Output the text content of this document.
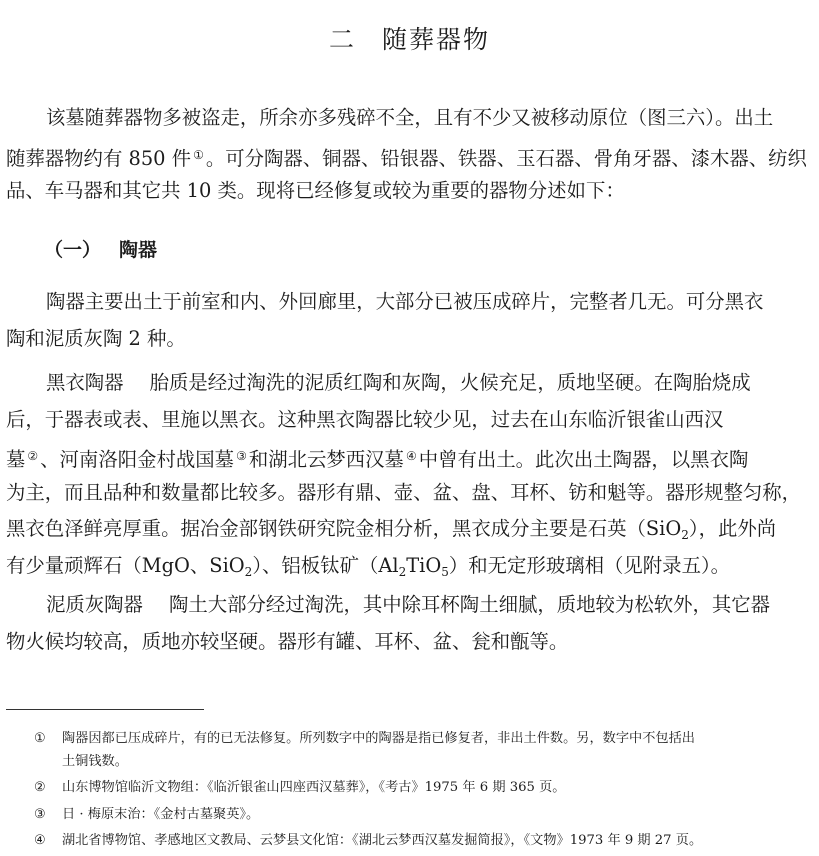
二 随葬器物
该墓随葬器物多被盗走，所余亦多残碎不全，且有不少又被移动原位（图三六）。出土
随葬器物约有 850 件 ① 。可分陶器、铜器、铅银器、铁器、玉石器、骨角牙器、漆木器、纺织
品、车马器和其它共 10 类。现将已经修复或较为重要的器物分述如下：
（一） 陶器
陶器主要出土于前室和内、外回廊里，大部分已被压成碎片，完整者几无。可分黑衣
陶和泥质灰陶 2 种。
黑衣陶器 胎质是经过淘洗的泥质红陶和灰陶，火候充足，质地坚硬。在陶胎烧成
后，于器表或表、里施以黑衣。这种黑衣陶器比较少见，过去在山东临沂银雀山西汉
墓 ② 、河南洛阳金村战国墓 ③ 和湖北云梦西汉墓 ④ 中曾有出土。此次出土陶器，以黑衣陶
为主，而且品种和数量都比较多。器形有鼎、壶、盆、盘、耳杯、钫和魁等。器形规整匀称，
黑衣色泽鲜亮厚重。据冶金部钢铁研究院金相分析，黑衣成分主要是石英（SiO$_2$），此外尚
有少量顽辉石（MgO、SiO$_2$）、铝板钛矿$(Al_2TiO_5)$和无定形玻璃相（见附录五）。
泥质灰陶器 陶土大部分经过淘洗，其中除耳杯陶土细腻，质地较为松软外，其它器
物火候均较高，质地亦较坚硬。器形有罐、耳杯、盆、瓮和甑等。
① 陶器因都已压成碎片，有的已无法修复。所列数字中的陶器是指已修复者，非出土件数。另，数字中不包括出
土铜钱数。
② 山东博物馆临沂文物组：《临沂银雀山四座西汉墓葬》，《考古》1975 年 6 期 365 页。
③ 日 · 梅原末治：《金村古墓聚英》。
④ 湖北省博物馆、孝感地区文教局、云梦县文化馆：《湖北云梦西汉墓发掘简报》，《文物》1973 年 9 期 27 页。
